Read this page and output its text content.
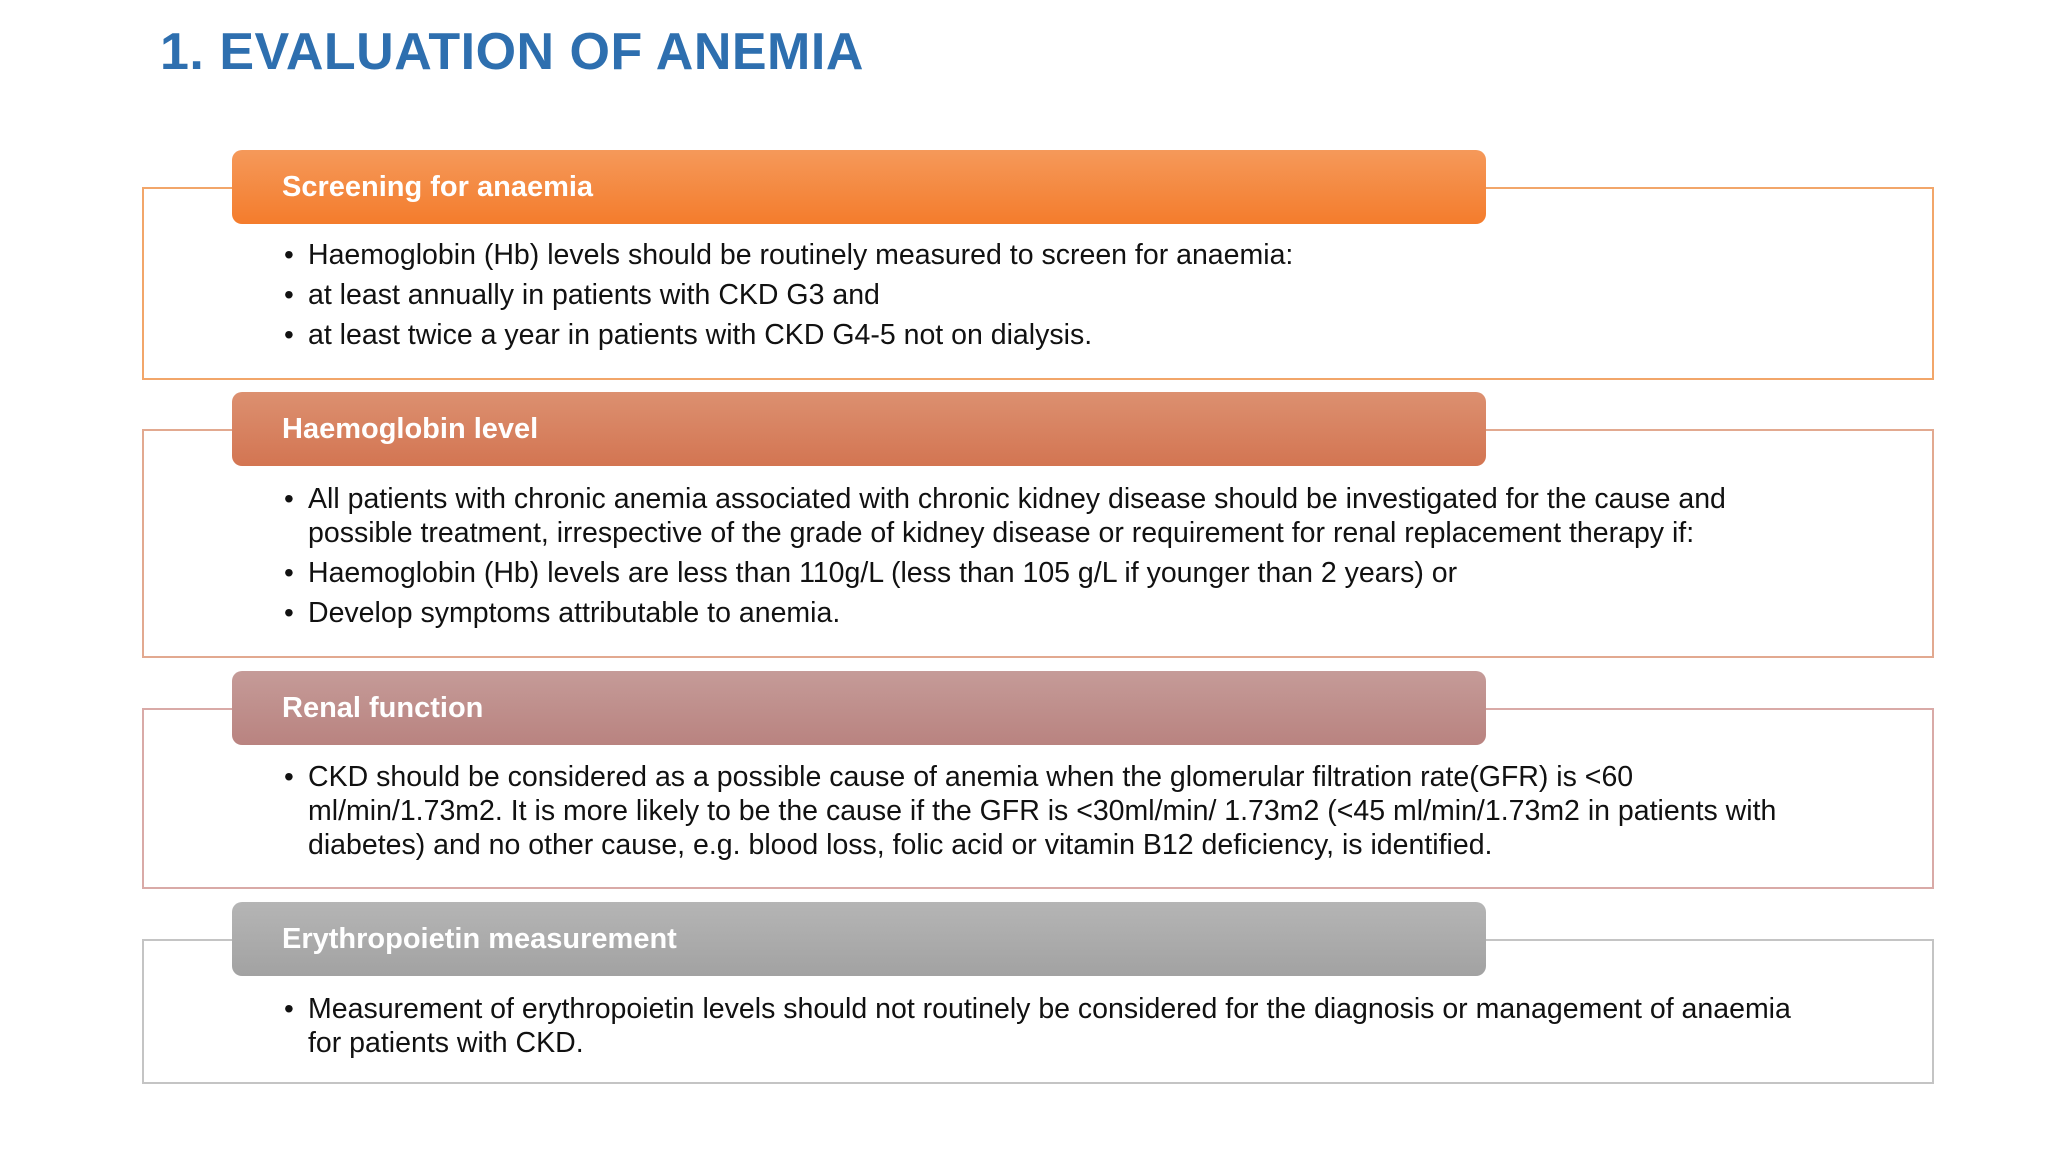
1. EVALUATION OF ANEMIA
Screening for anaemia
• Haemoglobin (Hb) levels should be routinely measured to screen for anaemia:
• at least annually in patients with CKD G3 and
• at least twice a year in patients with CKD G4-5 not on dialysis.
Haemoglobin level
• All patients with chronic anemia associated with chronic kidney disease should be investigated for the cause and possible treatment, irrespective of the grade of kidney disease or requirement for renal replacement therapy if:
• Haemoglobin (Hb) levels are less than 110g/L (less than 105 g/L if younger than 2 years) or
• Develop symptoms attributable to anemia.
Renal function
• CKD should be considered as a possible cause of anemia when the glomerular filtration rate(GFR) is <60 ml/min/1.73m2. It is more likely to be the cause if the GFR is <30ml/min/ 1.73m2 (<45 ml/min/1.73m2 in patients with diabetes) and no other cause, e.g. blood loss, folic acid or vitamin B12 deficiency, is identified.
Erythropoietin measurement
• Measurement of erythropoietin levels should not routinely be considered for the diagnosis or management of anaemia for patients with CKD.
